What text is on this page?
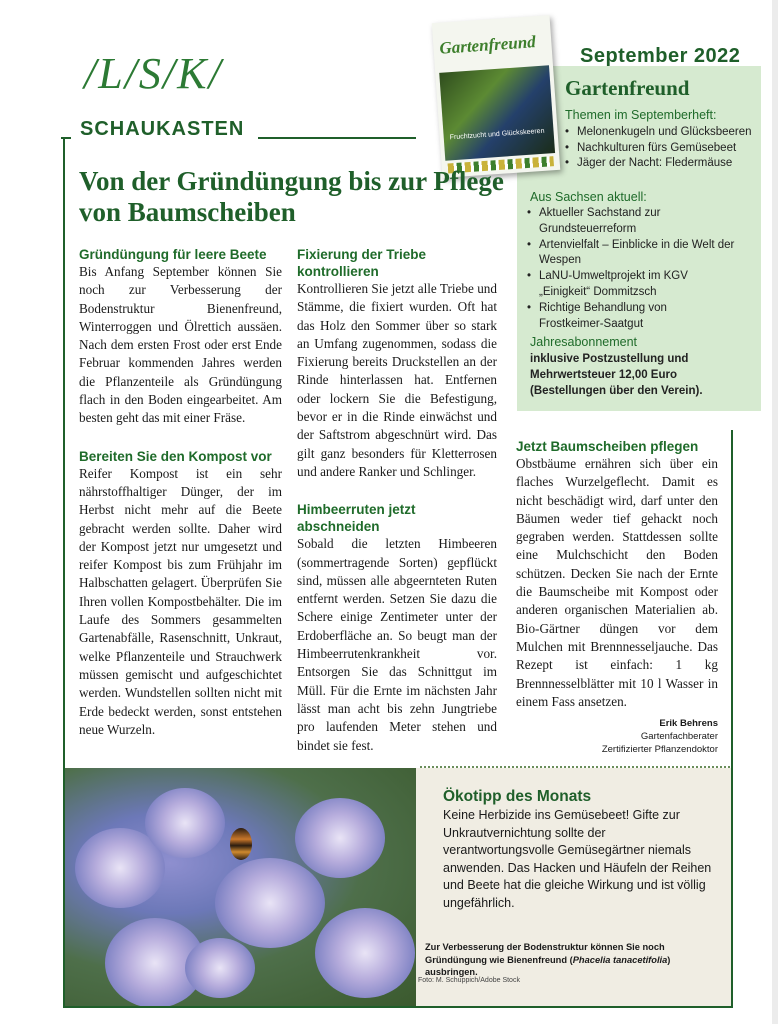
/L/S/K/
SCHAUKASTEN
September 2022
Gartenfreund
Fruchtzucht und Glückskeeren
Gartenfreund
Themen im Septemberheft:
• Melonenkugeln und Glücksbeeren
• Nachkulturen fürs Gemüsebeet
• Jäger der Nacht: Fledermäuse
Aus Sachsen aktuell:
• Aktueller Sachstand zur Grundsteuerreform
• Artenvielfalt – Einblicke in die Welt der Wespen
• LaNU-Umweltprojekt im KGV „Einigkeit“ Dommitzsch
• Richtige Behandlung von Frostkeimer-Saatgut
Jahresabonnement
inklusive Postzustellung und Mehrwertsteuer 12,00 Euro (Bestellungen über den Verein).
Von der Gründüngung bis zur Pflege von Baumscheiben
Gründüngung für leere Beete
Bis Anfang September können Sie noch zur Verbesserung der Bodenstruktur Bienenfreund, Winterroggen und Ölrettich aussäen. Nach dem ersten Frost oder erst Ende Februar kommenden Jahres werden die Pflanzenteile als Gründüngung flach in den Boden eingearbeitet. Am besten geht das mit einer Fräse.
Bereiten Sie den Kompost vor
Reifer Kompost ist ein sehr nährstoffhaltiger Dünger, der im Herbst nicht mehr auf die Beete gebracht werden sollte. Daher wird der Kompost jetzt nur umgesetzt und reifer Kompost bis zum Frühjahr im Halbschatten gelagert. Überprüfen Sie Ihren vollen Kompostbehälter. Die im Laufe des Sommers gesammelten Gartenabfälle, Rasenschnitt, Unkraut, welke Pflanzenteile und Strauchwerk müssen gemischt und aufgeschichtet werden. Wundstellen sollten nicht mit Erde bedeckt werden, sonst entstehen neue Wurzeln.
Fixierung der Triebe kontrollieren
Kontrollieren Sie jetzt alle Triebe und Stämme, die fixiert wurden. Oft hat das Holz den Sommer über so stark an Umfang zugenommen, sodass die Fixierung bereits Druckstellen an der Rinde hinterlassen hat. Entfernen oder lockern Sie die Befestigung, bevor er in die Rinde einwächst und der Saftstrom abgeschnürt wird. Das gilt ganz besonders für Kletterrosen und andere Ranker und Schlinger.
Himbeerruten jetzt abschneiden
Sobald die letzten Himbeeren (sommertragende Sorten) gepflückt sind, müssen alle abgeernteten Ruten entfernt werden. Setzen Sie dazu die Schere einige Zentimeter unter der Erdoberfläche an. So beugt man der Himbeerrutenkrankheit vor. Entsorgen Sie das Schnittgut im Müll. Für die Ernte im nächsten Jahr lässt man acht bis zehn Jungtriebe pro laufenden Meter stehen und bindet sie fest.
Jetzt Baumscheiben pflegen
Obstbäume ernähren sich über ein flaches Wurzelgeflecht. Damit es nicht beschädigt wird, darf unter den Bäumen weder tief gehackt noch gegraben werden. Stattdessen sollte eine Mulchschicht den Boden schützen. Decken Sie nach der Ernte die Baumscheibe mit Kompost oder anderen organischen Materialien ab. Bio-Gärtner düngen vor dem Mulchen mit Brennnesseljauche. Das Rezept ist einfach: 1 kg Brennnesselblätter mit 10 l Wasser in einem Fass ansetzen.
Erik Behrens
Gartenfachberater
Zertifizierter Pflanzendoktor
Ökotipp des Monats
Keine Herbizide ins Gemüsebeet! Gifte zur Unkrautvernichtung sollte der verantwortungsvolle Gemüsegärtner niemals anwenden. Das Hacken und Häufeln der Reihen und Beete hat die gleiche Wirkung und ist völlig ungefährlich.
Zur Verbesserung der Bodenstruktur können Sie noch Gründüngung wie Bienenfreund (Phacelia tanacetifolia) ausbringen.
Foto: M. Schuppich/Adobe Stock
